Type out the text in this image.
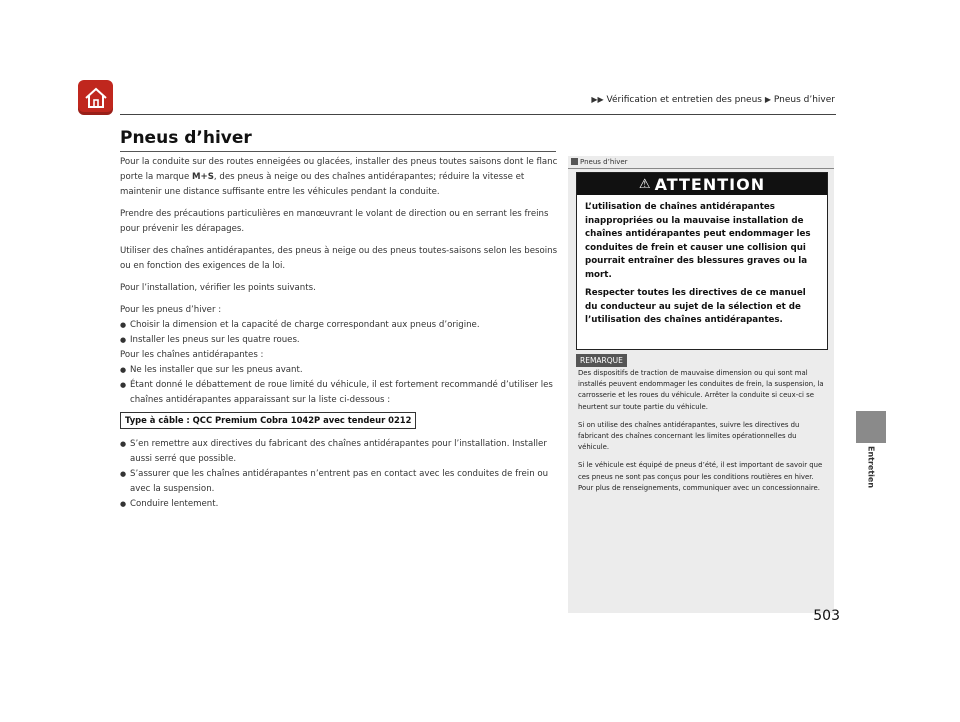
▶▶ Vérification et entretien des pneus ▶ Pneus d’hiver
Entretien
Pneus d’hiver

Pour la conduite sur des routes enneigées ou glacées, installer des pneus toutes saisons dont le flanc porte la marque M+S, des pneus à neige ou des chaînes antidérapantes; réduire la vitesse et maintenir une distance suffisante entre les véhicules pendant la conduite.

Prendre des précautions particulières en manœuvrant le volant de direction ou en serrant les freins pour prévenir les dérapages.

Utiliser des chaînes antidérapantes, des pneus à neige ou des pneus toutes-saisons selon les besoins ou en fonction des exigences de la loi.

Pour l’installation, vérifier les points suivants.

Pour les pneus d’hiver :
● Choisir la dimension et la capacité de charge correspondant aux pneus d’origine.
● Installer les pneus sur les quatre roues.
Pour les chaînes antidérapantes :
● Ne les installer que sur les pneus avant.
● Étant donné le débattement de roue limité du véhicule, il est fortement recommandé d’utiliser les chaînes antidérapantes apparaissant sur la liste ci-dessous :
Type à câble : QCC Premium Cobra 1042P avec tendeur 0212
● S’en remettre aux directives du fabricant des chaînes antidérapantes pour l’installation. Installer aussi serré que possible.
● S’assurer que les chaînes antidérapantes n’entrent pas en contact avec les conduites de frein ou avec la suspension.
● Conduire lentement.
Pneus d’hiver
⚠ ATTENTION

L’utilisation de chaînes antidérapantes inappropriées ou la mauvaise installation de chaînes antidérapantes peut endommager les conduites de frein et causer une collision qui pourrait entraîner des blessures graves ou la mort.

Respecter toutes les directives de ce manuel du conducteur au sujet de la sélection et de l’utilisation des chaînes antidérapantes.

REMARQUE

Des dispositifs de traction de mauvaise dimension ou qui sont mal installés peuvent endommager les conduites de frein, la suspension, la carrosserie et les roues du véhicule. Arrêter la conduite si ceux-ci se heurtent sur toute partie du véhicule.

Si on utilise des chaînes antidérapantes, suivre les directives du fabricant des chaînes concernant les limites opérationnelles du véhicule.

Si le véhicule est équipé de pneus d’été, il est important de savoir que ces pneus ne sont pas conçus pour les conditions routières en hiver. Pour plus de renseignements, communiquer avec un concessionnaire.

503
